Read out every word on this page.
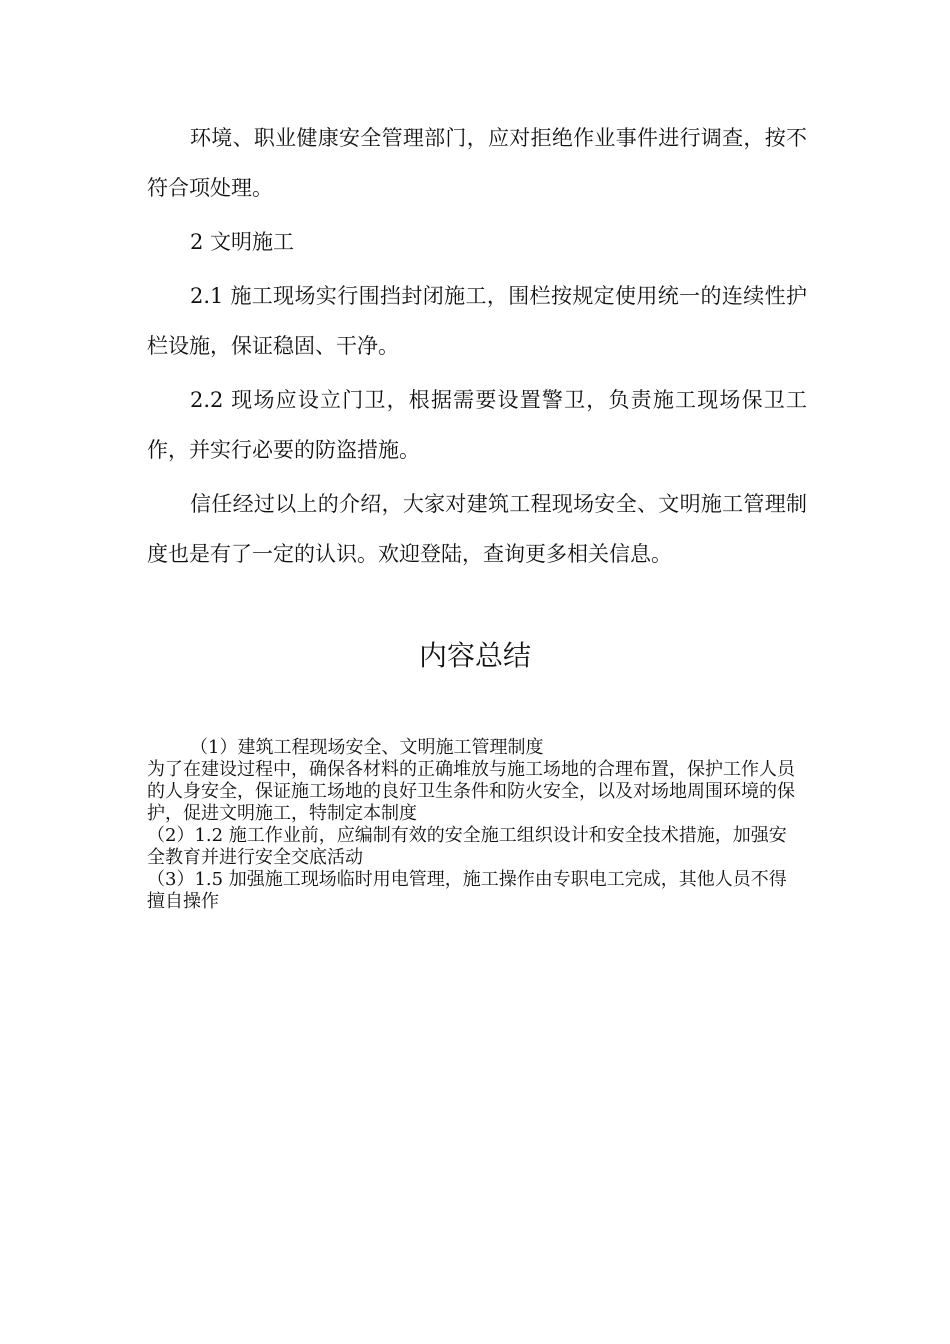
环境、职业健康安全管理部门，应对拒绝作业事件进行调查，按不符合项处理。

2 文明施工

2.1 施工现场实行围挡封闭施工，围栏按规定使用统一的连续性护栏设施，保证稳固、干净。

2.2 现场应设立门卫，根据需要设置警卫，负责施工现场保卫工作，并实行必要的防盗措施。

信任经过以上的介绍，大家对建筑工程现场安全、文明施工管理制度也是有了一定的认识。欢迎登陆，查询更多相关信息。

内容总结

（1）建筑工程现场安全、文明施工管理制度

为了在建设过程中，确保各材料的正确堆放与施工场地的合理布置，保护工作人员的人身安全，保证施工场地的良好卫生条件和防火安全，以及对场地周围环境的保护，促进文明施工，特制定本制度

（2）1.2 施工作业前，应编制有效的安全施工组织设计和安全技术措施，加强安全教育并进行安全交底活动

（3）1.5 加强施工现场临时用电管理，施工操作由专职电工完成，其他人员不得擅自操作
